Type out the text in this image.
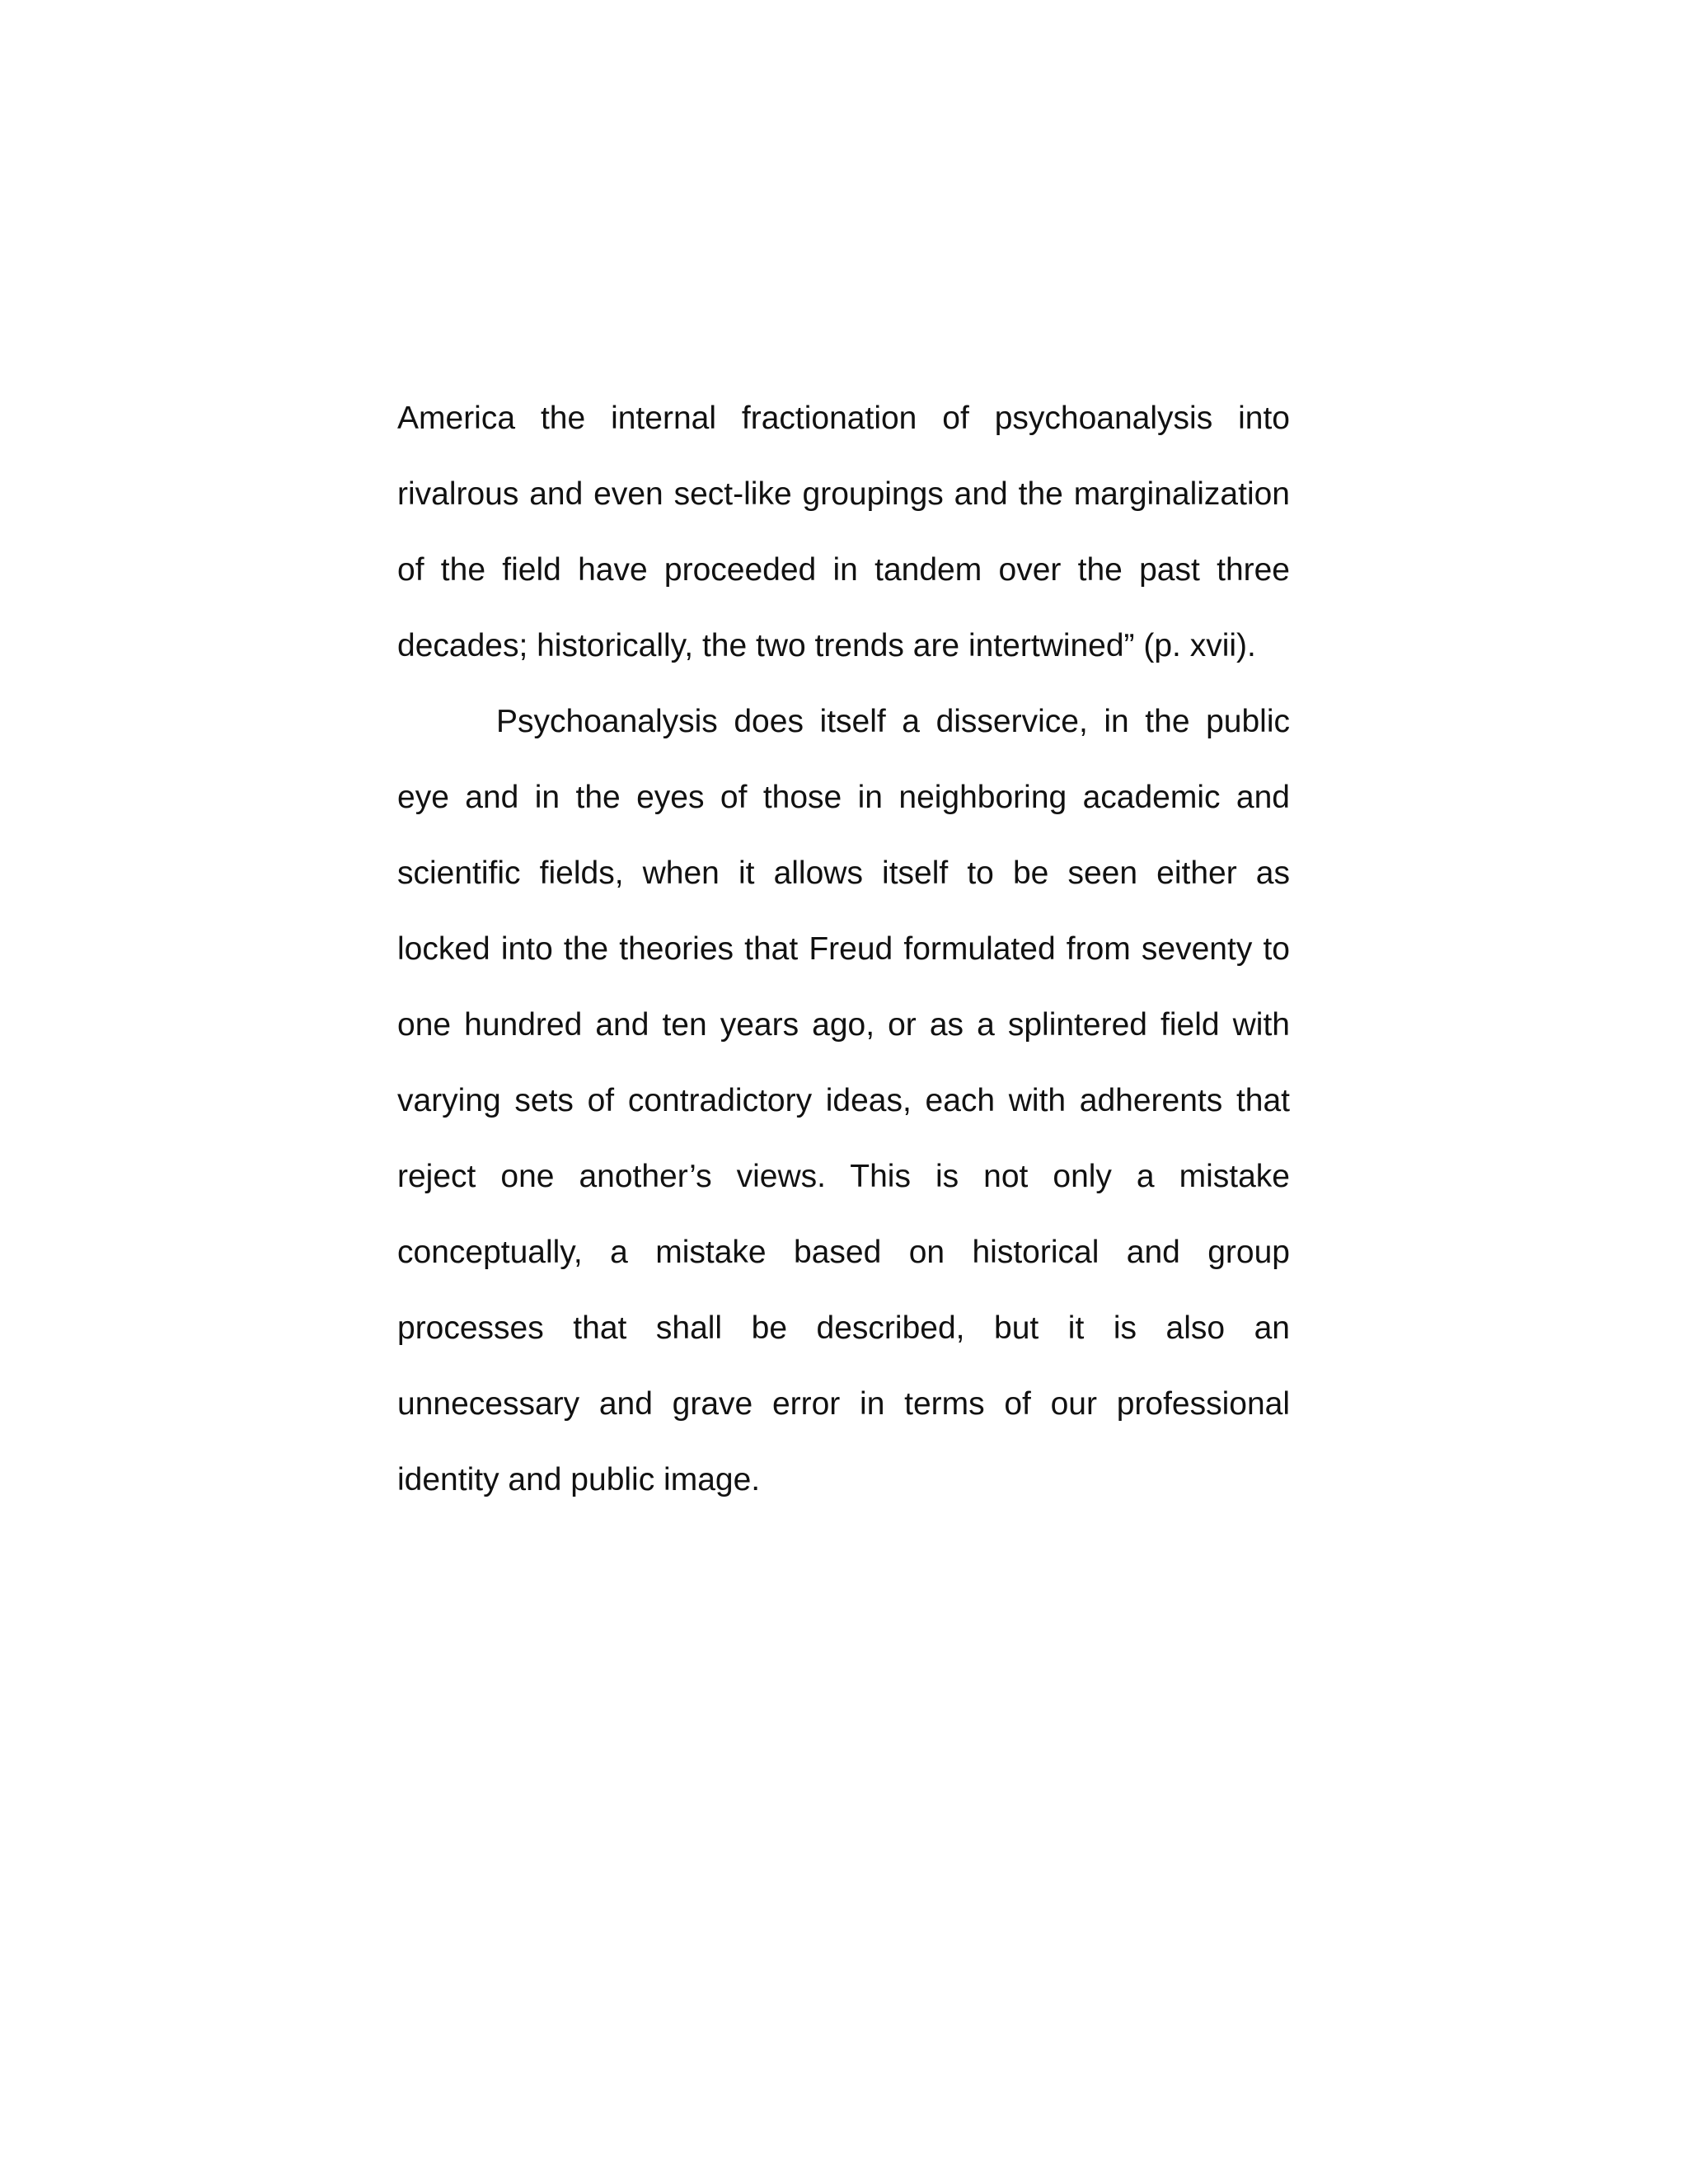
America the internal fractionation of psychoanalysis into rivalrous and even sect-like groupings and the marginalization of the field have proceeded in tandem over the past three decades; historically, the two trends are intertwined” (p. xvii).

Psychoanalysis does itself a disservice, in the public eye and in the eyes of those in neighboring academic and scientific fields, when it allows itself to be seen either as locked into the theories that Freud formulated from seventy to one hundred and ten years ago, or as a splintered field with varying sets of contradictory ideas, each with adherents that reject one another’s views. This is not only a mistake conceptually, a mistake based on historical and group processes that shall be described, but it is also an unnecessary and grave error in terms of our professional identity and public image.
